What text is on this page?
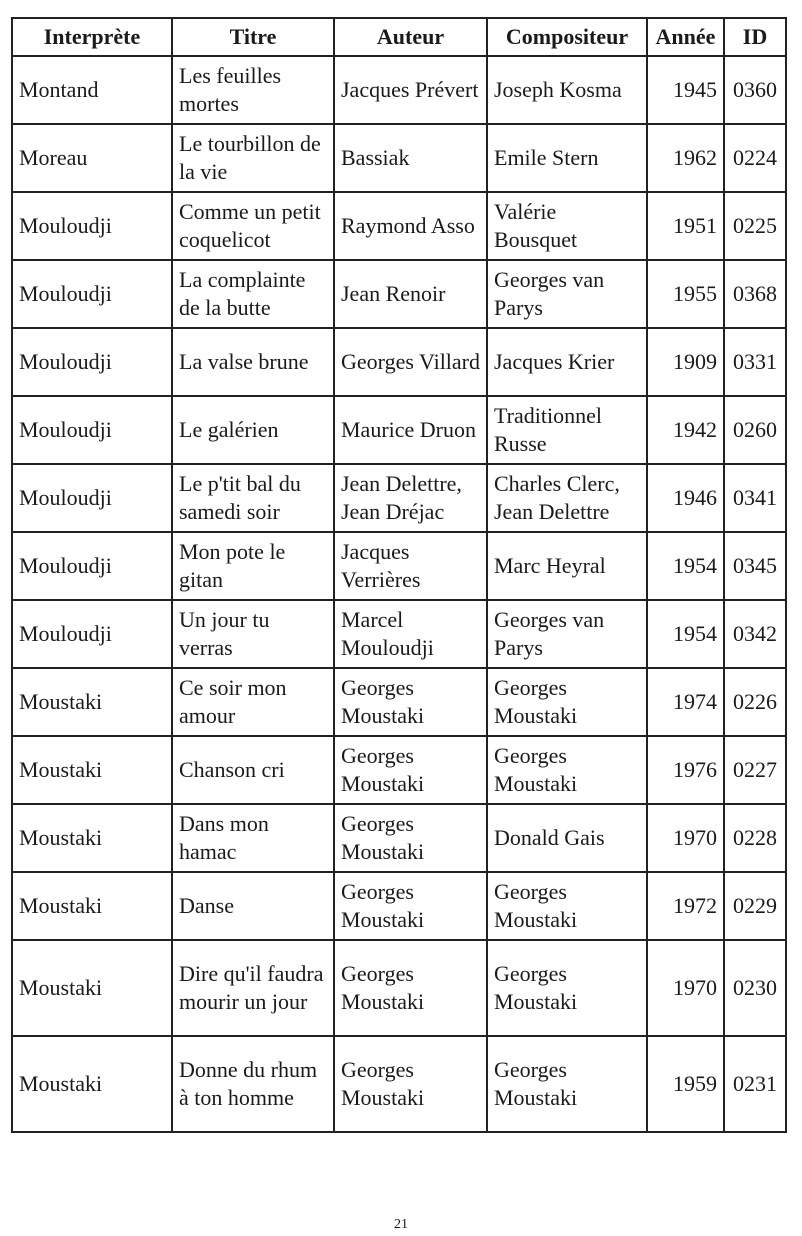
Interprète	Titre	Auteur	Compositeur	Année	ID
Montand	Les feuilles mortes	Jacques Prévert	Joseph Kosma	1945	0360
Moreau	Le tourbillon de la vie	Bassiak	Emile Stern	1962	0224
Mouloudji	Comme un petit coquelicot	Raymond Asso	Valérie Bousquet	1951	0225
Mouloudji	La complainte de la butte	Jean Renoir	Georges van Parys	1955	0368
Mouloudji	La valse brune	Georges Villard	Jacques Krier	1909	0331
Mouloudji	Le galérien	Maurice Druon	Traditionnel Russe	1942	0260
Mouloudji	Le p'tit bal du samedi soir	Jean Delettre, Jean Dréjac	Charles Clerc, Jean Delettre	1946	0341
Mouloudji	Mon pote le gitan	Jacques Verrières	Marc Heyral	1954	0345
Mouloudji	Un jour tu verras	Marcel Mouloudji	Georges van Parys	1954	0342
Moustaki	Ce soir mon amour	Georges Moustaki	Georges Moustaki	1974	0226
Moustaki	Chanson cri	Georges Moustaki	Georges Moustaki	1976	0227
Moustaki	Dans mon hamac	Georges Moustaki	Donald Gais	1970	0228
Moustaki	Danse	Georges Moustaki	Georges Moustaki	1972	0229
Moustaki	Dire qu'il faudra mourir un jour	Georges Moustaki	Georges Moustaki	1970	0230
Moustaki	Donne du rhum à ton homme	Georges Moustaki	Georges Moustaki	1959	0231
21
